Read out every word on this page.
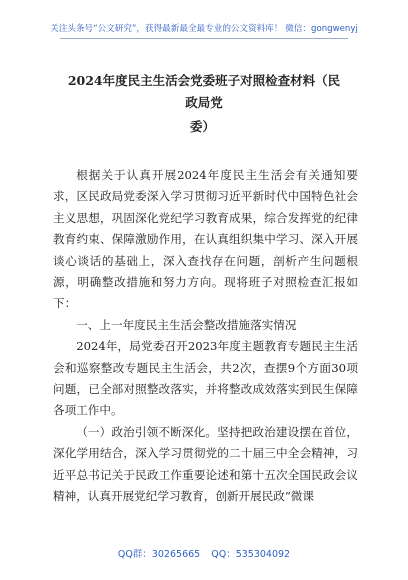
关注头条号“公文研究”，获得最新最全最专业的公文资料库！ 微信：gongwenyj
2024年度民主生活会党委班子对照检查材料（民政局党
委）

根据关于认真开展2024年度民主生活会有关通知要求，区民政局党委深入学习贯彻习近平新时代中国特色社会主义思想，巩固深化党纪学习教育成果，综合发挥党的纪律教育约束、保障激励作用，在认真组织集中学习、深入开展谈心谈话的基础上，深入查找存在问题，剖析产生问题根源，明确整改措施和努力方向。现将班子对照检查汇报如下：

一、上一年度民主生活会整改措施落实情况

2024年，局党委召开2023年度主题教育专题民主生活会和巡察整改专题民主生活会，共2次，查摆9个方面30项问题，已全部对照整改落实，并将整改成效落实到民生保障各项工作中。

（一）政治引领不断深化。坚持把政治建设摆在首位，深化学用结合，深入学习贯彻党的二十届三中全会精神，习近平总书记关于民政工作重要论述和第十五次全国民政会议精神，认真开展党纪学习教育，创新开展民政“微课

QQ群：30265665 QQ：535304092
